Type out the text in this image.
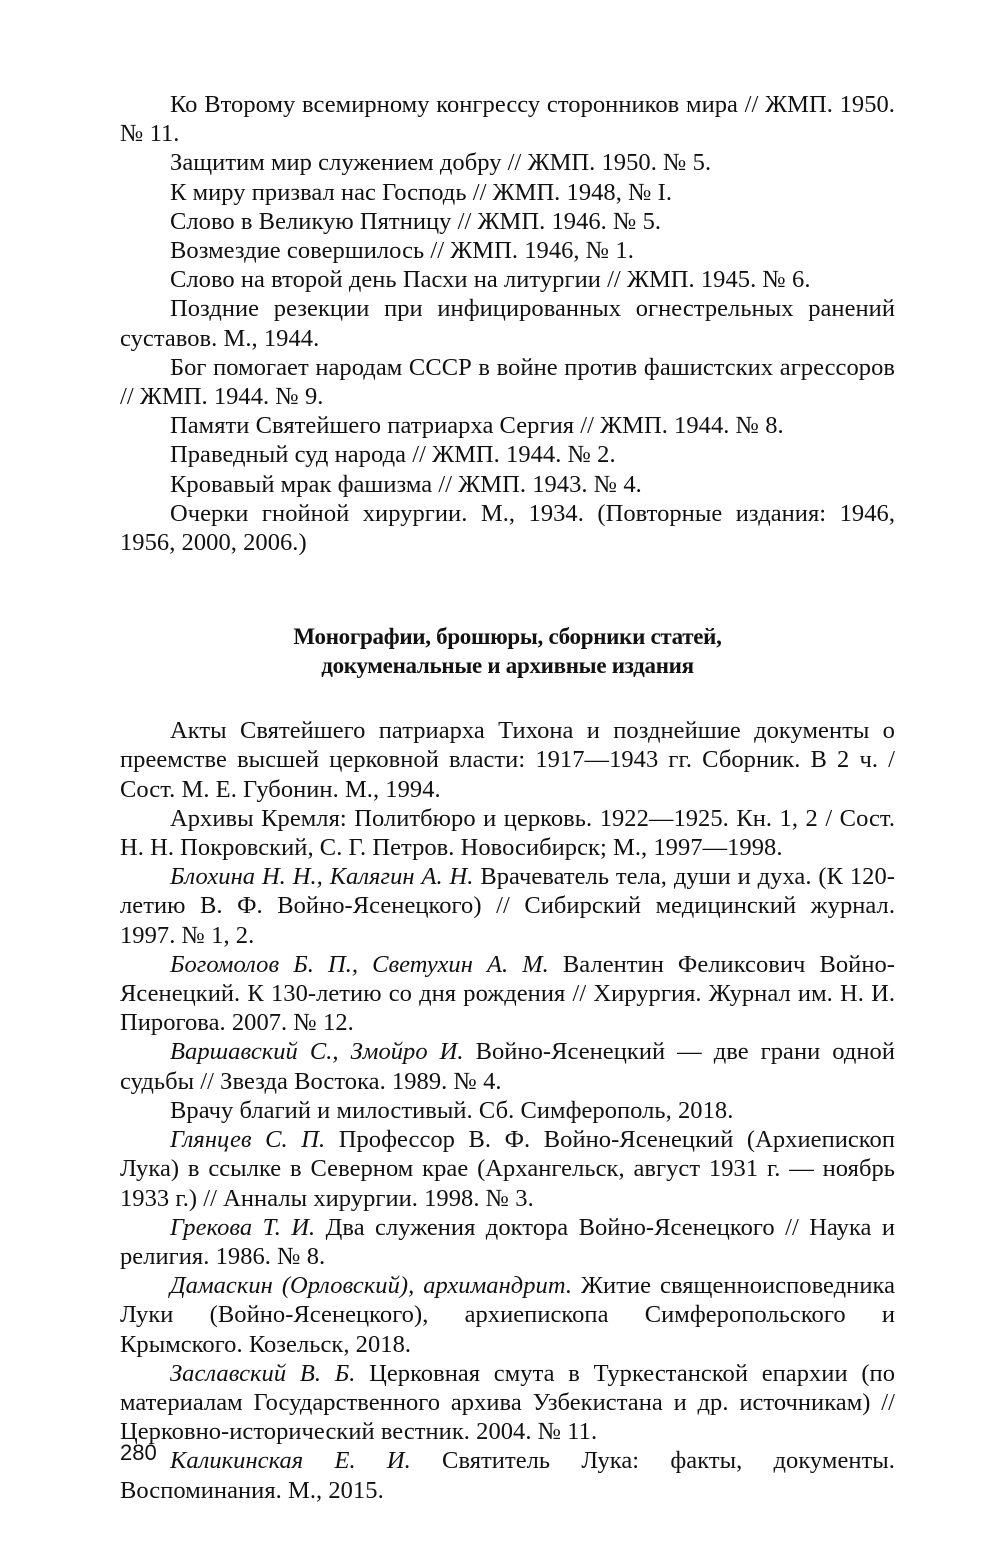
Ко Второму всемирному конгрессу сторонников мира // ЖМП. 1950. № 11.

Защитим мир служением добру // ЖМП. 1950. № 5.

К миру призвал нас Господь // ЖМП. 1948, № I.

Слово в Великую Пятницу // ЖМП. 1946. № 5.

Возмездие совершилось // ЖМП. 1946, № 1.

Слово на второй день Пасхи на литургии // ЖМП. 1945. № 6.

Поздние резекции при инфицированных огнестрельных ранений суставов. М., 1944.

Бог помогает народам СССР в войне против фашистских агрессоров // ЖМП. 1944. № 9.

Памяти Святейшего патриарха Сергия // ЖМП. 1944. № 8.

Праведный суд народа // ЖМП. 1944. № 2.

Кровавый мрак фашизма // ЖМП. 1943. № 4.

Очерки гнойной хирургии. М., 1934. (Повторные издания: 1946, 1956, 2000, 2006.)

Монографии, брошюры, сборники статей,
докуменальные и архивные издания

Акты Святейшего патриарха Тихона и позднейшие документы о преемстве высшей церковной власти: 1917—1943 гг. Сборник. В 2 ч. / Сост. М. Е. Губонин. М., 1994.

Архивы Кремля: Политбюро и церковь. 1922—1925. Кн. 1, 2 / Сост. Н. Н. Покровский, С. Г. Петров. Новосибирск; М., 1997—1998.

Блохина Н. Н., Калягин А. Н. Врачеватель тела, души и духа. (К 120-летию В. Ф. Войно-Ясенецкого) // Сибирский медицинский журнал. 1997. № 1, 2.

Богомолов Б. П., Светухин А. М. Валентин Феликсович Войно-Ясенецкий. К 130-летию со дня рождения // Хирургия. Журнал им. Н. И. Пирогова. 2007. № 12.

Варшавский С., Змойро И. Войно-Ясенецкий — две грани одной судьбы // Звезда Востока. 1989. № 4.

Врачу благий и милостивый. Сб. Симферополь, 2018.

Глянцев С. П. Профессор В. Ф. Войно-Ясенецкий (Архиепископ Лука) в ссылке в Северном крае (Архангельск, август 1931 г. — ноябрь 1933 г.) // Анналы хирургии. 1998. № 3.

Грекова Т. И. Два служения доктора Войно-Ясенецкого // Наука и религия. 1986. № 8.

Дамаскин (Орловский), архимандрит. Житие священноисповедника Луки (Войно-Ясенецкого), архиепископа Симферопольского и Крымского. Козельск, 2018.

Заславский В. Б. Церковная смута в Туркестанской епархии (по материалам Государственного архива Узбекистана и др. источникам) // Церковно-исторический вестник. 2004. № 11.

Каликинская Е. И. Святитель Лука: факты, документы. Воспоминания. М., 2015.

280
